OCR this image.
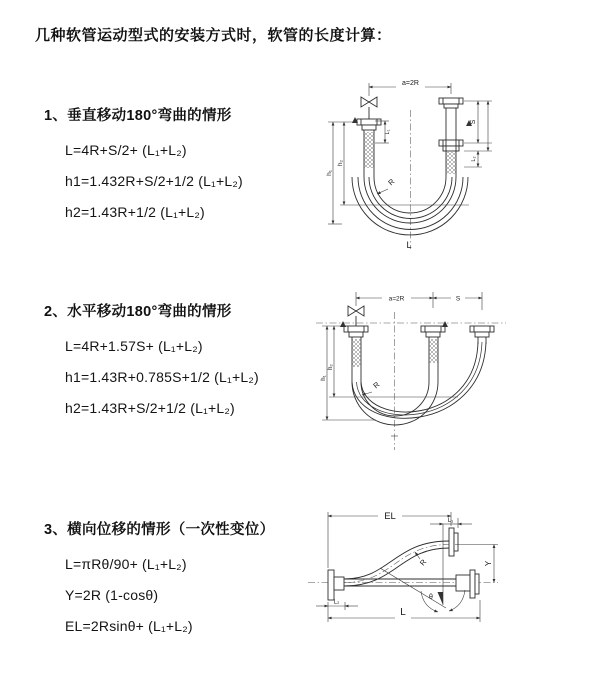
几种软管运动型式的安装方式时，软管的长度计算：
1、垂直移动180°弯曲的情形
L=4R+S/2+ (L₁+L₂)
h1=1.432R+S/2+1/2 (L₁+L₂)
h2=1.43R+1/2 (L₁+L₂)
2、水平移动180°弯曲的情形
L=4R+1.57S+ (L₁+L₂)
h1=1.43R+0.785S+1/2 (L₁+L₂)
h2=1.43R+S/2+1/2 (L₁+L₂)
3、横向位移的情形（一次性变位）
L=πRθ/90+ (L₁+L₂)
Y=2R (1-cosθ)
EL=2Rsinθ+ (L₁+L₂)
a=2R
L₁
S
L₂
h₁
h₂
R
L
a=2R	S
h₁
h₂
R
EL	L₁
Y
L
L₂
R
θ
